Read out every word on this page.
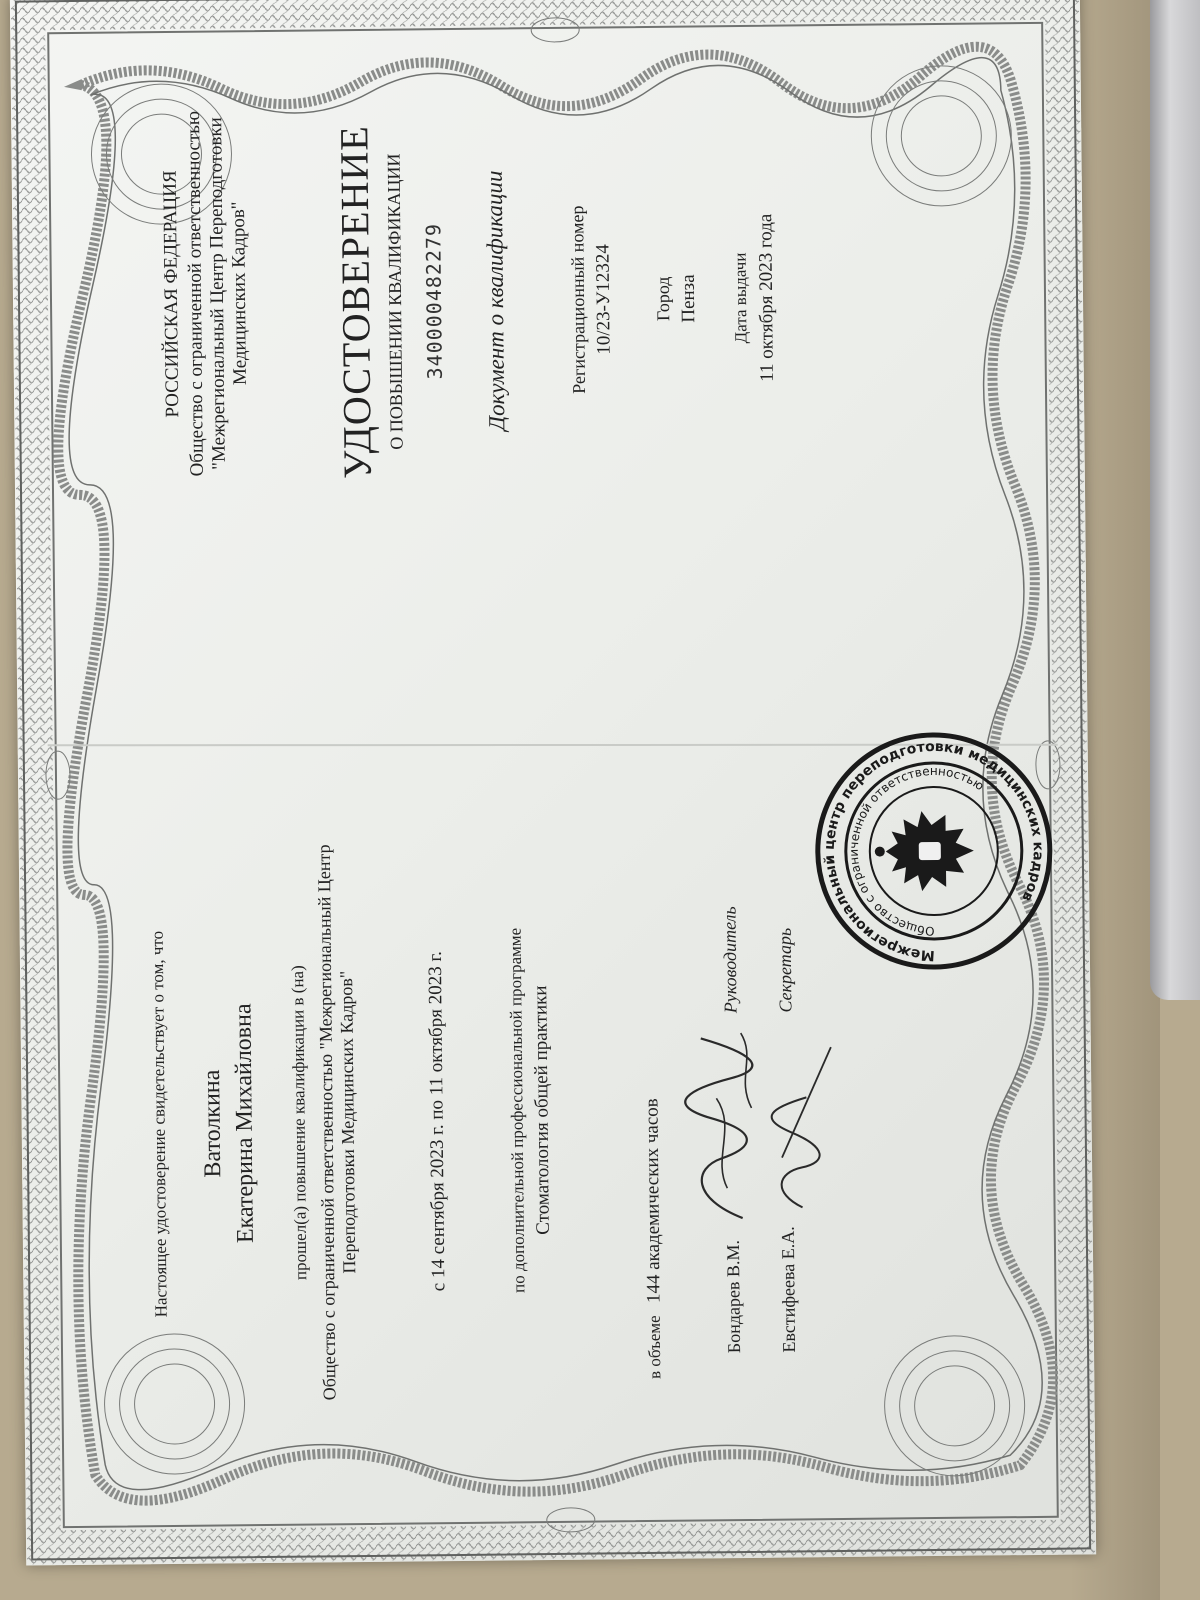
РОССИЙСКАЯ ФЕДЕРАЦИЯ Общество с ограниченной ответственностью "Межрегиональный Центр Переподготовки Медицинских Кадров" УДОСТОВЕРЕНИЕ О ПОВЫШЕНИИ КВАЛИФИКАЦИИ 340000482279 Документ о квалификации	Регистрационный номер 10/23-У12324 Город Пенза Дата выдачи 11 октября 2023 года
Настоящее удостоверение свидетельствует о том, что Ватолкина Екатерина Михайловна прошел(а) повышение квалификации в (на) Общество с ограниченной ответственностью "Межрегиональный Центр Переподготовки Медицинских Кадров"	с 14 сентября 2023 г. по 11 октября 2023 г.	по дополнительной профессиональной программе Стоматология общей практики
в объеме 144 академических часов
Руководитель
Бондарев В.М.
Секретарь
Евстифеева Е.А.
Межрегиональный центр переподготовки медицинских кадров
Общество с ограниченной ответственностью
